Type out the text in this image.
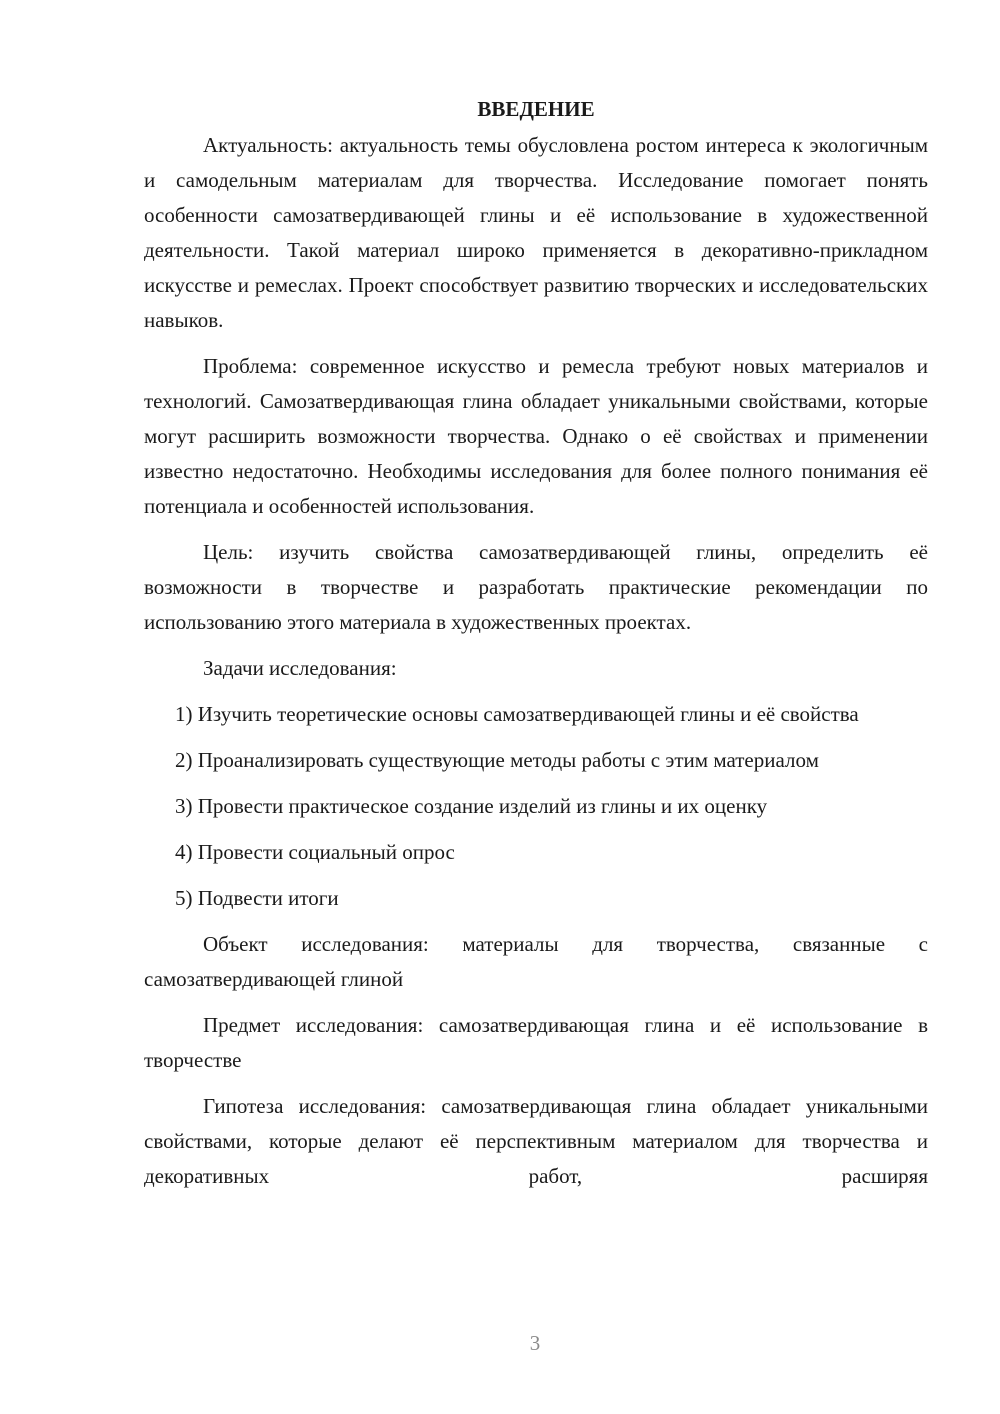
ВВЕДЕНИЕ

Актуальность: актуальность темы обусловлена ростом интереса к экологичным и самодельным материалам для творчества. Исследование помогает понять особенности самозатвердивающей глины и её использование в художественной деятельности. Такой материал широко применяется в декоративно-прикладном искусстве и ремеслах. Проект способствует развитию творческих и исследовательских навыков.

Проблема: современное искусство и ремесла требуют новых материалов и технологий. Самозатвердивающая глина обладает уникальными свойствами, которые могут расширить возможности творчества. Однако о её свойствах и применении известно недостаточно. Необходимы исследования для более полного понимания её потенциала и особенностей использования.

Цель: изучить свойства самозатвердивающей глины, определить её возможности в творчестве и разработать практические рекомендации по использованию этого материала в художественных проектах.

Задачи исследования:

1) Изучить теоретические основы самозатвердивающей глины и её свойства

2) Проанализировать существующие методы работы с этим материалом

3) Провести практическое создание изделий из глины и их оценку

4) Провести социальный опрос

5) Подвести итоги

Объект исследования: материалы для творчества, связанные с самозатвердивающей глиной

Предмет исследования: самозатвердивающая глина и её использование в творчестве

Гипотеза исследования: самозатвердивающая глина обладает уникальными свойствами, которые делают её перспективным материалом для творчества и декоративных работ, расширяя

3
